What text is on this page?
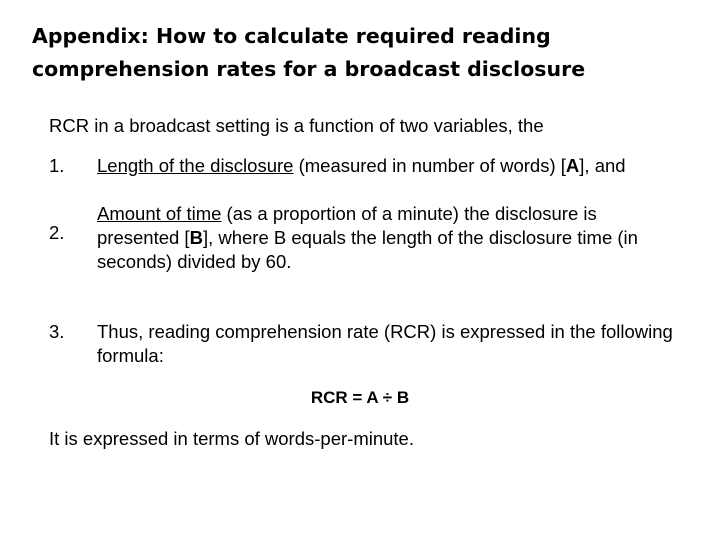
Appendix: How to calculate required reading
comprehension rates for a broadcast disclosure

RCR in a broadcast setting is a function of two variables, the

1. Length of the disclosure (measured in number of words) [A], and
2.
Amount of time (as a proportion of a minute) the disclosure is presented [B], where B equals the length of the disclosure time (in seconds) divided by 60.
3. Thus, reading comprehension rate (RCR) is expressed in the following formula:
RCR = A ÷ B
It is expressed in terms of words-per-minute.
